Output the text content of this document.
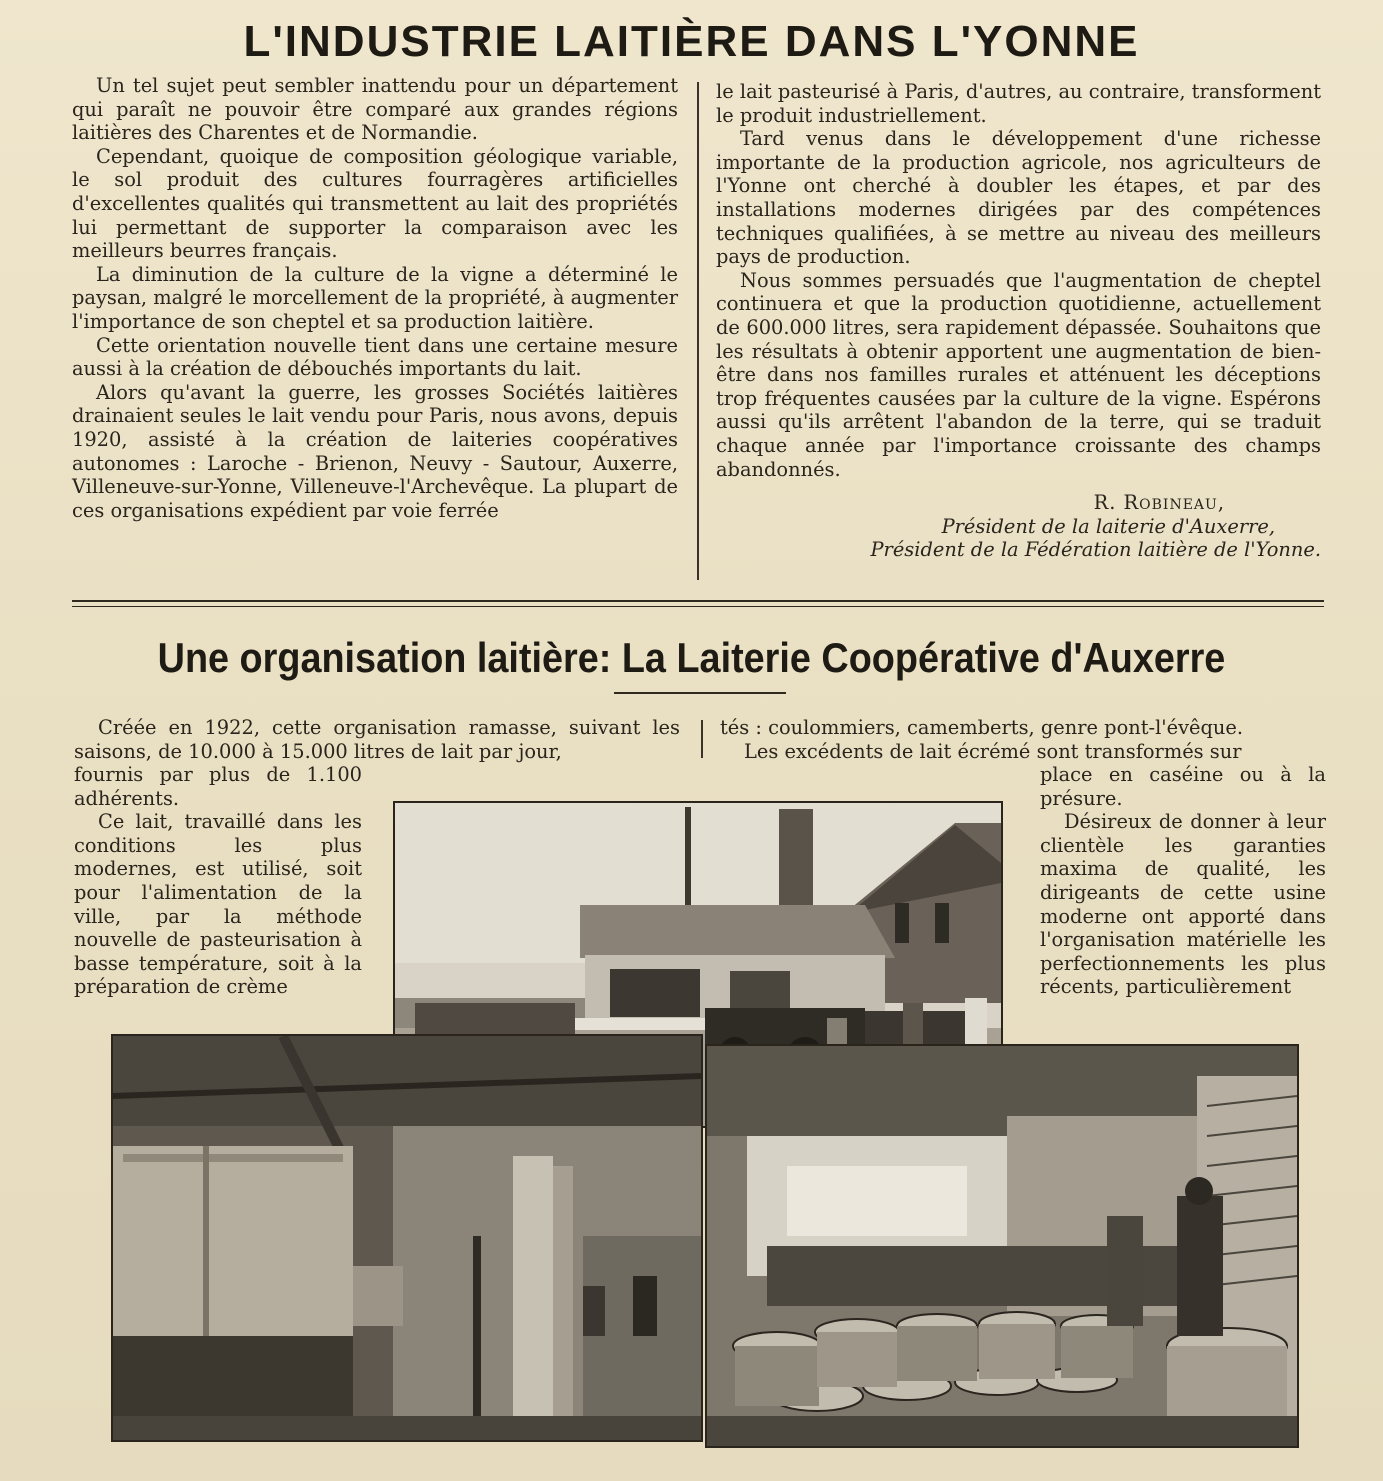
L'INDUSTRIE LAITIÈRE DANS L'YONNE

Un tel sujet peut sembler inattendu pour un département qui paraît ne pouvoir être comparé aux grandes régions laitières des Charentes et de Normandie.

Cependant, quoique de composition géologique variable, le sol produit des cultures fourragères artificielles d'excellentes qualités qui transmettent au lait des propriétés lui permettant de supporter la comparaison avec les meilleurs beurres français.

La diminution de la culture de la vigne a déterminé le paysan, malgré le morcellement de la propriété, à augmenter l'importance de son cheptel et sa production laitière.

Cette orientation nouvelle tient dans une certaine mesure aussi à la création de débouchés importants du lait.

Alors qu'avant la guerre, les grosses Sociétés laitières drainaient seules le lait vendu pour Paris, nous avons, depuis 1920, assisté à la création de laiteries coopératives autonomes : Laroche - Brienon, Neuvy - Sautour, Auxerre, Villeneuve-sur-Yonne, Villeneuve-l'Archevêque. La plupart de ces organisations expédient par voie ferrée

le lait pasteurisé à Paris, d'autres, au contraire, transforment le produit industriellement.

Tard venus dans le développement d'une richesse importante de la production agricole, nos agriculteurs de l'Yonne ont cherché à doubler les étapes, et par des installations modernes dirigées par des compétences techniques qualifiées, à se mettre au niveau des meilleurs pays de production.

Nous sommes persuadés que l'augmentation de cheptel continuera et que la production quotidienne, actuellement de 600.000 litres, sera rapidement dépassée. Souhaitons que les résultats à obtenir apportent une augmentation de bien-être dans nos familles rurales et atténuent les déceptions trop fréquentes causées par la culture de la vigne. Espérons aussi qu'ils arrêtent l'abandon de la terre, qui se traduit chaque année par l'importance croissante des champs abandonnés.

R. Robineau,
Président de la laiterie d'Auxerre,
Président de la Fédération laitière de l'Yonne.
Une organisation laitière: La Laiterie Coopérative d'Auxerre

Créée en 1922, cette organisation ramasse, suivant les saisons, de 10.000 à 15.000 litres de lait par jour,

fournis par plus de 1.100 adhérents.

Ce lait, travaillé dans les conditions les plus modernes, est utilisé, soit pour l'alimentation de la ville, par la méthode nouvelle de pasteurisation à basse température, soit à la préparation de crème

tés : coulommiers, camemberts, genre pont-l'évêque.

Les excédents de lait écrémé sont transformés sur

place en caséine ou à la présure.

Désireux de donner à leur clientèle les garanties maxima de qualité, les dirigeants de cette usine moderne ont apporté dans l'organisation matérielle les perfectionnements les plus récents, particulièrement
